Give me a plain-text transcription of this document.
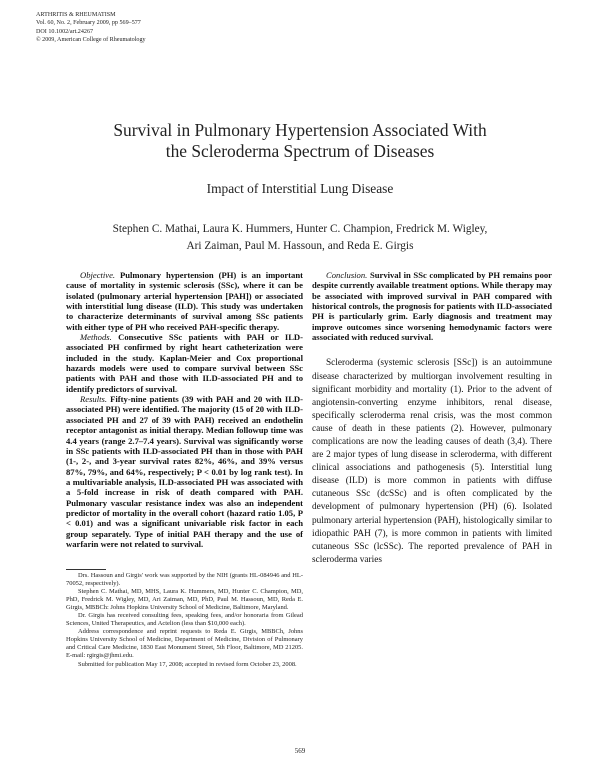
ARTHRITIS & RHEUMATISM
Vol. 60, No. 2, February 2009, pp 569–577
DOI 10.1002/art.24267
© 2009, American College of Rheumatology
Survival in Pulmonary Hypertension Associated With
the Scleroderma Spectrum of Diseases
Impact of Interstitial Lung Disease
Stephen C. Mathai, Laura K. Hummers, Hunter C. Champion, Fredrick M. Wigley,
Ari Zaiman, Paul M. Hassoun, and Reda E. Girgis

Objective. Pulmonary hypertension (PH) is an important cause of mortality in systemic sclerosis (SSc), where it can be isolated (pulmonary arterial hypertension [PAH]) or associated with interstitial lung disease (ILD). This study was undertaken to characterize determinants of survival among SSc patients with either type of PH who received PAH-specific therapy.

Methods. Consecutive SSc patients with PAH or ILD-associated PH confirmed by right heart catheterization were included in the study. Kaplan-Meier and Cox proportional hazards models were used to compare survival between SSc patients with PAH and those with ILD-associated PH and to identify predictors of survival.

Results. Fifty-nine patients (39 with PAH and 20 with ILD-associated PH) were identified. The majority (15 of 20 with ILD-associated PH and 27 of 39 with PAH) received an endothelin receptor antagonist as initial therapy. Median followup time was 4.4 years (range 2.7–7.4 years). Survival was significantly worse in SSc patients with ILD-associated PH than in those with PAH (1-, 2-, and 3-year survival rates 82%, 46%, and 39% versus 87%, 79%, and 64%, respectively; P < 0.01 by log rank test). In a multivariable analysis, ILD-associated PH was associated with a 5-fold increase in risk of death compared with PAH. Pulmonary vascular resistance index was also an independent predictor of mortality in the overall cohort (hazard ratio 1.05, P < 0.01) and was a significant univariable risk factor in each group separately. Type of initial PAH therapy and the use of warfarin were not related to survival.

Conclusion. Survival in SSc complicated by PH remains poor despite currently available treatment options. While therapy may be associated with improved survival in PAH compared with historical controls, the prognosis for patients with ILD-associated PH is particularly grim. Early diagnosis and treatment may improve outcomes since worsening hemodynamic factors were associated with reduced survival.

Scleroderma (systemic sclerosis [SSc]) is an autoimmune disease characterized by multiorgan involvement resulting in significant morbidity and mortality (1). Prior to the advent of angiotensin-converting enzyme inhibitors, renal disease, specifically scleroderma renal crisis, was the most common cause of death in these patients (2). However, pulmonary complications are now the leading causes of death (3,4). There are 2 major types of lung disease in scleroderma, with different clinical associations and pathogenesis (5). Interstitial lung disease (ILD) is more common in patients with diffuse cutaneous SSc (dcSSc) and is often complicated by the development of pulmonary hypertension (PH) (6). Isolated pulmonary arterial hypertension (PAH), histologically similar to idiopathic PAH (7), is more common in patients with limited cutaneous SSc (lcSSc). The reported prevalence of PAH in scleroderma varies

Drs. Hassoun and Girgis' work was supported by the NIH (grants HL-084946 and HL-70052, respectively).

Stephen C. Mathai, MD, MHS, Laura K. Hummers, MD, Hunter C. Champion, MD, PhD, Fredrick M. Wigley, MD, Ari Zaiman, MD, PhD, Paul M. Hassoun, MD, Reda E. Girgis, MBBCh: Johns Hopkins University School of Medicine, Baltimore, Maryland.

Dr. Girgis has received consulting fees, speaking fees, and/or honoraria from Gilead Sciences, United Therapeutics, and Actelion (less than $10,000 each).

Address correspondence and reprint requests to Reda E. Girgis, MBBCh, Johns Hopkins University School of Medicine, Department of Medicine, Division of Pulmonary and Critical Care Medicine, 1830 East Monument Street, 5th Floor, Baltimore, MD 21205. E-mail: rgirgis@jhmi.edu.

Submitted for publication May 17, 2008; accepted in revised form October 23, 2008.

569
